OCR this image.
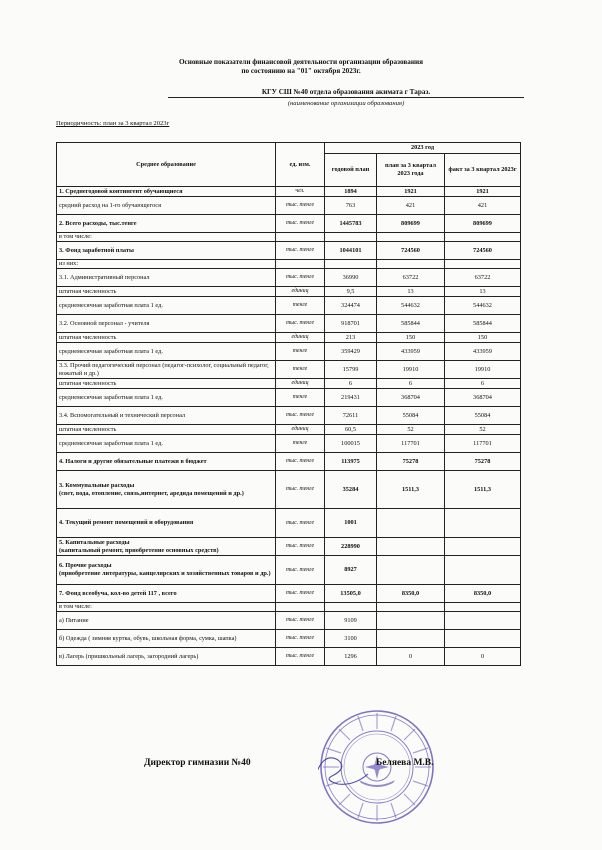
Основные показатели финансовой деятельности организации образования
по состоянию на "01" октября 2023г.
КГУ СШ №40 отдела образования акимата г Тараз.
(наименование организации образования)
Периодичность: план за 3 квартал 2023г
Среднее образование	ед. изм.	2023 год		
		годовой план	план за 3 квартал 2023 года	факт за 3 квартал 2023г
1. Среднегодовой контингент обучающиеся	чел.	1894	1921	1921
средний расход на 1-го обучающегося	тыс. тенге	763	421	421
2. Всего расходы, тыс.тенге	тыс. тенге	1445783	809699	809699
в том числе:				
3. Фонд заработной платы	тыс. тенге	1044101	724560	724560
из них:				
3.1. Административный персонал	тыс. тенге	36990	63722	63722
штатная численность	единиц	9,5	13	13
среднемесячная заработная плата 1 ед.	тенге	324474	544632	544632
3.2. Основной персонал - учителя	тыс. тенге	918701	585844	585844
штатная численность	единиц	213	150	150
среднемесячная заработная плата 1 ед.	тенге	359429	433959	433959
3.3. Прочий педагогический персонал (педагог-психолог, социальный педагог, вожатый и др.)	тенге	15799	19910	19910
штатная численность	единиц	6	6	6
среднемесячная заработная плата 1 ед.	тенге	219431	368704	368704
3.4. Вспомогательный и технический персонал	тыс. тенге	72611	55084	55084
штатная численность	единиц	60,5	52	52
среднемесячная заработная плата 1 ед.	тенге	100015	117701	117701
4. Налоги и другие обязательные платежи в бюджет	тыс. тенге	113975	75278	75278

3. Коммунальные расходы
(свет, вода, отопление, связь,интернет, аредида помещений и др.)	тыс. тенге	35284	1511,3	1511,3
4. Текущий ремонт помещений и оборудования	тыс. тенге	1001		

5. Капитальные расходы
(капитальный ремонт, приобретение основных средств)	тыс. тенге	228990		

6. Прочие расходы
(приобретение литературы, канцелярских и хозяйственных товаров и др.)	тыс. тенге	8927		
7. Фонд всеобуча, кол-во детей 117 , всего	тыс. тенге	13505,0	8350,0	8350,0
в том числе:				
а) Питание	тыс. тенге	9109		
б) Одежда ( зимняя куртка, обувь, школьная форма, сумка, шапка)	тыс. тенге	3100		
в) Лагерь (пришкольный лагерь, загородний лагерь)	тыс. тенге	1296	0	0
Директор гимназии №40	Беляева М.В.
